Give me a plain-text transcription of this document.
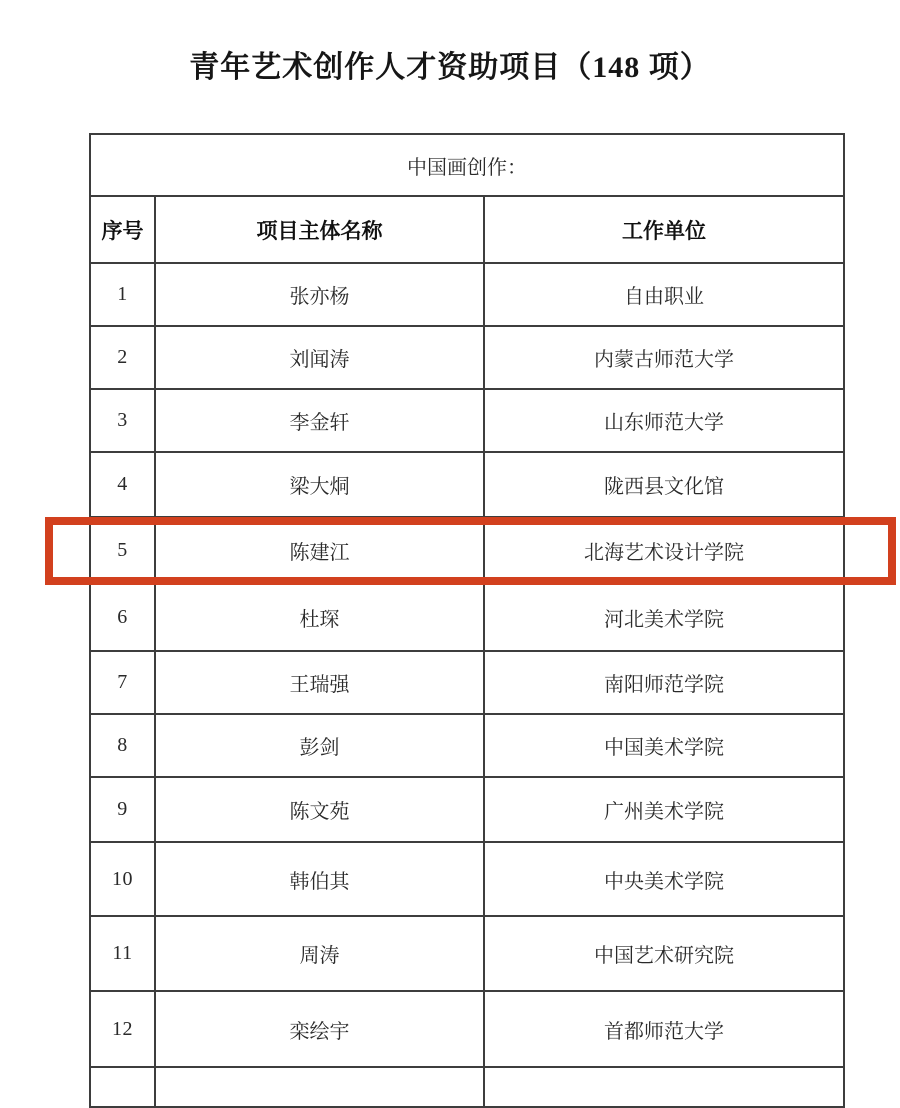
青年艺术创作人才资助项目（148 项）
中国画创作：		
序号	项目主体名称	工作单位
1	张亦杨	自由职业
2	刘闻涛	内蒙古师范大学
3	李金轩	山东师范大学
4	梁大烔	陇西县文化馆
5	陈建江	北海艺术设计学院
6	杜琛	河北美术学院
7	王瑞强	南阳师范学院
8	彭剑	中国美术学院
9	陈文苑	广州美术学院
10	韩伯其	中央美术学院
11	周涛	中国艺术研究院
12	栾绘宇	首都师范大学
